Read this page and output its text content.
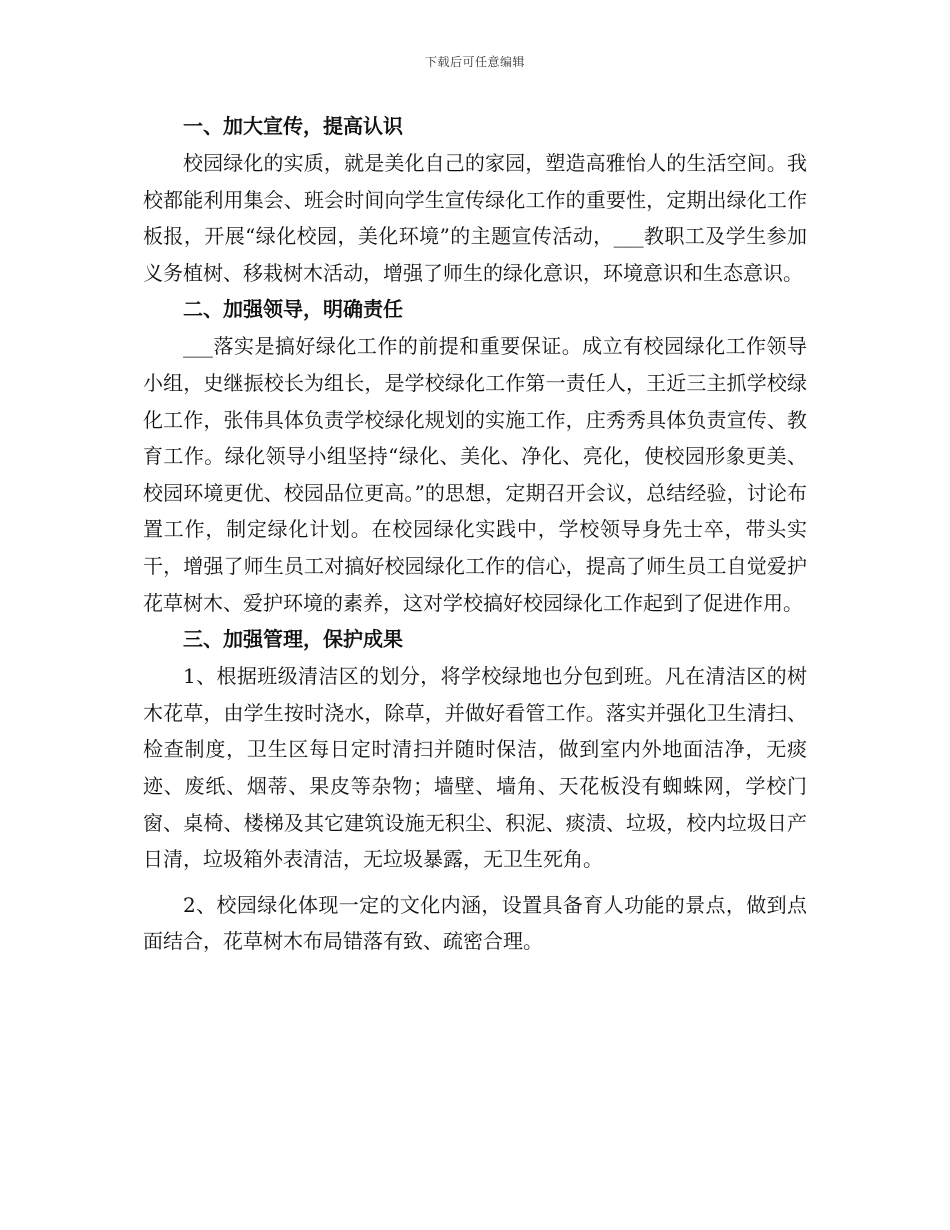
下载后可任意编辑

一、加大宣传，提高认识

校园绿化的实质，就是美化自己的家园，塑造高雅怡人的生活空间。我校都能利用集会、班会时间向学生宣传绿化工作的重要性，定期出绿化工作板报，开展“绿化校园，美化环境”的主题宣传活动，___教职工及学生参加义务植树、移栽树木活动，增强了师生的绿化意识，环境意识和生态意识。

二、加强领导，明确责任

___落实是搞好绿化工作的前提和重要保证。成立有校园绿化工作领导小组，史继振校长为组长，是学校绿化工作第一责任人，王近三主抓学校绿化工作，张伟具体负责学校绿化规划的实施工作，庄秀秀具体负责宣传、教育工作。绿化领导小组坚持“绿化、美化、净化、亮化，使校园形象更美、校园环境更优、校园品位更高。”的思想，定期召开会议，总结经验，讨论布置工作，制定绿化计划。在校园绿化实践中，学校领导身先士卒，带头实干，增强了师生员工对搞好校园绿化工作的信心，提高了师生员工自觉爱护花草树木、爱护环境的素养，这对学校搞好校园绿化工作起到了促进作用。

三、加强管理，保护成果

1、根据班级清洁区的划分，将学校绿地也分包到班。凡在清洁区的树木花草，由学生按时浇水，除草，并做好看管工作。落实并强化卫生清扫、检查制度，卫生区每日定时清扫并随时保洁，做到室内外地面洁净，无痰迹、废纸、烟蒂、果皮等杂物；墙壁、墙角、天花板没有蜘蛛网，学校门窗、桌椅、楼梯及其它建筑设施无积尘、积泥、痰渍、垃圾，校内垃圾日产日清，垃圾箱外表清洁，无垃圾暴露，无卫生死角。

2、校园绿化体现一定的文化内涵，设置具备育人功能的景点，做到点面结合，花草树木布局错落有致、疏密合理。
